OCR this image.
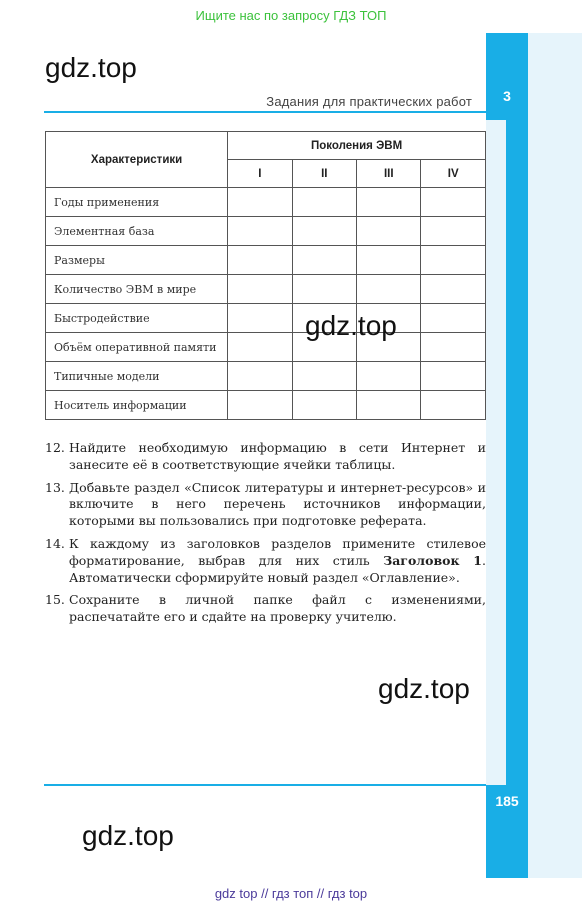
Ищите нас по запросу ГДЗ ТОП
3
185
gdz.top
Задания для практических работ
Характеристики	Поколения ЭВМ			
	I	II	III	IV
Годы применения				
Элементная база				
Размеры				
Количество ЭВМ в мире				
Быстродействие				
Объём оперативной памяти				
Типичные модели				
Носитель информации				
gdz.top
12. Найдите необходимую информацию в сети Интернет и занесите её в соответствующие ячейки таблицы.
13. Добавьте раздел «Список литературы и интернет-ресурсов» и включите в него перечень источников информации, которыми вы пользовались при подготовке реферата.
14. К каждому из заголовков разделов примените стилевое форматирование, выбрав для них стиль Заголовок 1. Автоматически сформируйте новый раздел «Оглавление».
15. Сохраните в личной папке файл с изменениями, распечатайте его и сдайте на проверку учителю.
gdz.top
gdz.top
gdz top // гдз топ // гдз top
